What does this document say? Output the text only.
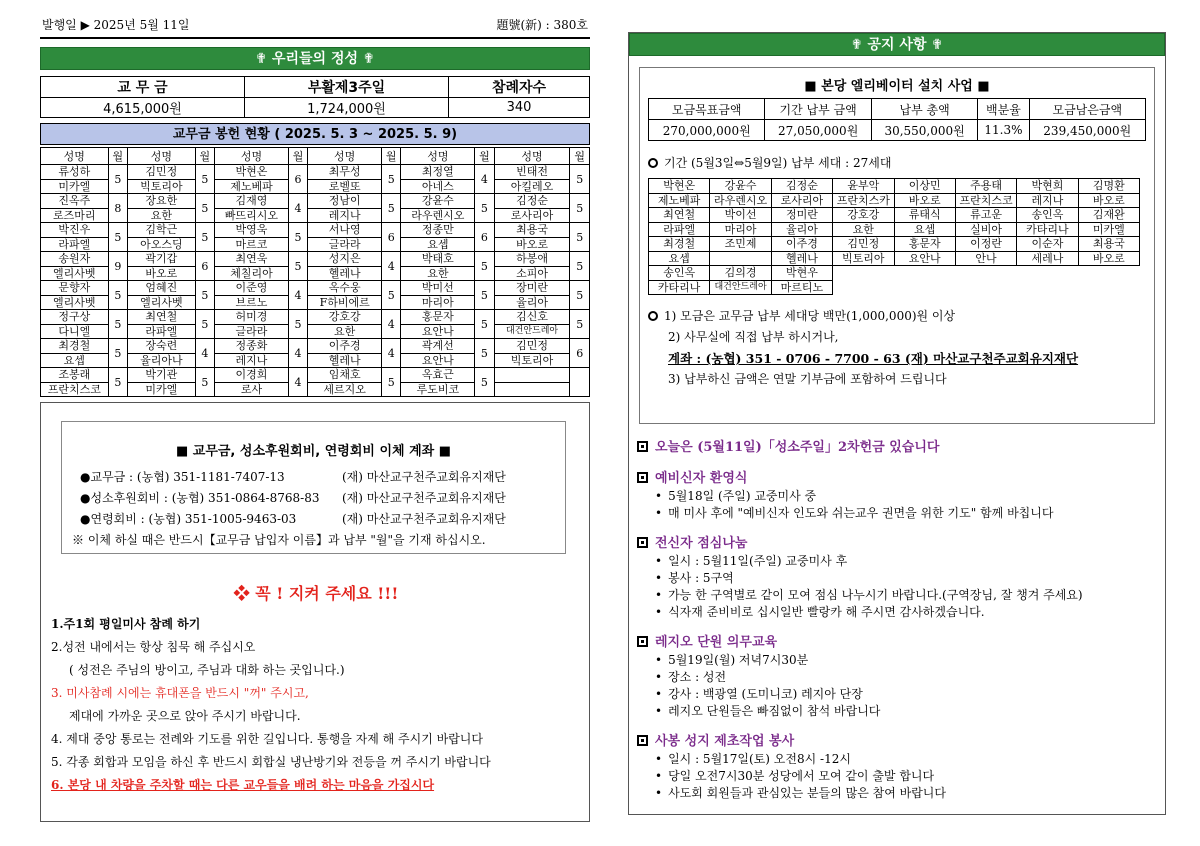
발행일 ▶ 2025년 5월 11일	題號(新) : 380호
✟ 우리들의 정성 ✟
교 무 금	부활제3주일	참례자수
4,615,000원	1,724,000원	340
교무금 봉헌 현황 ( 2025. 5. 3 ~ 2025. 5. 9)
성명	월	성명	월	성명	월	성명	월	성명	월	성명	월
류성하	5	김민정	5	박현온	6	최무성	5	최정열	4	빈태전	5
미카엘		빅토리아		제노베파		로벨또		아네스		아킬레오	
진옥주	8	장요한	5	김재영	4	정남이	5	강윤수	5	김정순	5
로즈마리		요한		빠뜨리시오		레지나		라우렌시오		로사리아	
박진우	5	김학근	5	박영욱	5	서나영	6	정종만	6	최용국	5
라파엘		아오스딩		마르코		글라라		요셉		바오로	
송원자	9	곽기갑	6	최연욱	5	성지은	4	박태호	5	하봉애	5
엘리사벳		바오로		체칠리아		헬레나		요한		소피아	
문향자	5	엄혜진	5	이준영	4	옥수웅	5	박미선	5	장미란	5
엘리사벳		엘리사벳		브르노		F하비에르		마리아		율리아	
정구상	5	최연철	5	허미경	5	강호강	4	홍문자	5	김신호	5
다니엘		라파엘		글라라		요한		요안나		대건안드레아	
최경철	5	장숙련	4	정종화	4	이주경	4	곽계선	5	김민정	6
요셉		율리아나		레지나		헬레나		요안나		빅토리아	
조봉래	5	박기관	5	이경희	4	임채호	5	옥효근	5		
프란치스코		미카엘		로사		세르지오		루도비코			
■ 교무금, 성소후원회비, 연령회비 이체 계좌 ■
●교무금 : (농협) 351-1181-7407-13	(재) 마산교구천주교회유지재단
●성소후원회비 : (농협) 351-0864-8768-83	(재) 마산교구천주교회유지재단
●연령회비 : (농협) 351-1005-9463-03	(재) 마산교구천주교회유지재단
※ 이체 하실 때은 반드시【교무금 납입자 이름】과 납부 "월"을 기재 하십시오.
❖ 꼭 ! 지켜 주세요 !!!
1.주1회 평일미사 참례 하기
2.성전 내에서는 항상 침묵 해 주십시오
( 성전은 주님의 방이고, 주님과 대화 하는 곳입니다.)
3. 미사참례 시에는 휴대폰을 반드시 "꺼" 주시고,
제대에 가까운 곳으로 앉아 주시기 바랍니다.
4. 제대 중앙 통로는 전례와 기도를 위한 길입니다. 통행을 자제 해 주시기 바랍니다
5. 각종 회합과 모임을 하신 후 반드시 회합실 냉난방기와 전등을 꺼 주시기 바랍니다
6. 본당 내 차량을 주차할 때는 다른 교우들을 배려 하는 마음을 가집시다
✟ 공지 사항 ✟
■ 본당 엘리베이터 설치 사업 ■
모금목표금액	기간 납부 금액	납부 총액	백분율	모금남은금액
270,000,000원	27,050,000원	30,550,000원	11.3%	239,450,000원
기간 (5월3일⇔5월9일) 납부 세대 : 27세대
박현온	강윤수	김정순	윤부악	이상민	주용태	박현희	김명환
제노베파	라우렌시오	로사리아	프란치스카	바오로	프란치스코	레지나	바오로
최연철	박이선	정미란	강호강	류태식	류고운	송인옥	김재완
라파엘	마리아	율리아	요한	요셉	실비아	카타리나	미카엘
최경철	조민제	이주경	김민정	홍문자	이정란	이순자	최용국
요셉		헬레나	빅토리아	요안나	안나	세레나	바오로
송인옥	김의경	박현우					
카타리나	대건안드레아	마르티노					
1) 모금은 교무금 납부 세대당 백만(1,000,000)원 이상
2) 사무실에 직접 납부 하시거나,
계좌 : (농협) 351 - 0706 - 7700 - 63 (재) 마산교구천주교회유지재단
3) 납부하신 금액은 연말 기부금에 포함하여 드립니다
오늘은 (5월11일)「성소주일」2차헌금 있습니다
예비신자 환영식
• 5월18일 (주일) 교중미사 중
• 매 미사 후에 "예비신자 인도와 쉬는교우 권면을 위한 기도" 함께 바칩니다
전신자 점심나눔
• 일시 : 5월11일(주일) 교중미사 후
• 봉사 : 5구역
• 가능 한 구역별로 같이 모여 점심 나누시기 바랍니다.(구역장님, 잘 챙겨 주세요)
• 식자재 준비비로 십시일반 빨랑카 해 주시면 감사하겠습니다.
레지오 단원 의무교육
• 5월19일(월) 저녁7시30분
• 장소 : 성전
• 강사 : 백광열 (도미니코) 레지아 단장
• 레지오 단원들은 빠짐없이 참석 바랍니다
사봉 성지 제초작업 봉사
• 일시 : 5월17일(토) 오전8시 -12시
• 당일 오전7시30분 성당에서 모여 같이 출발 합니다
• 사도회 회원들과 관심있는 분들의 많은 참여 바랍니다
